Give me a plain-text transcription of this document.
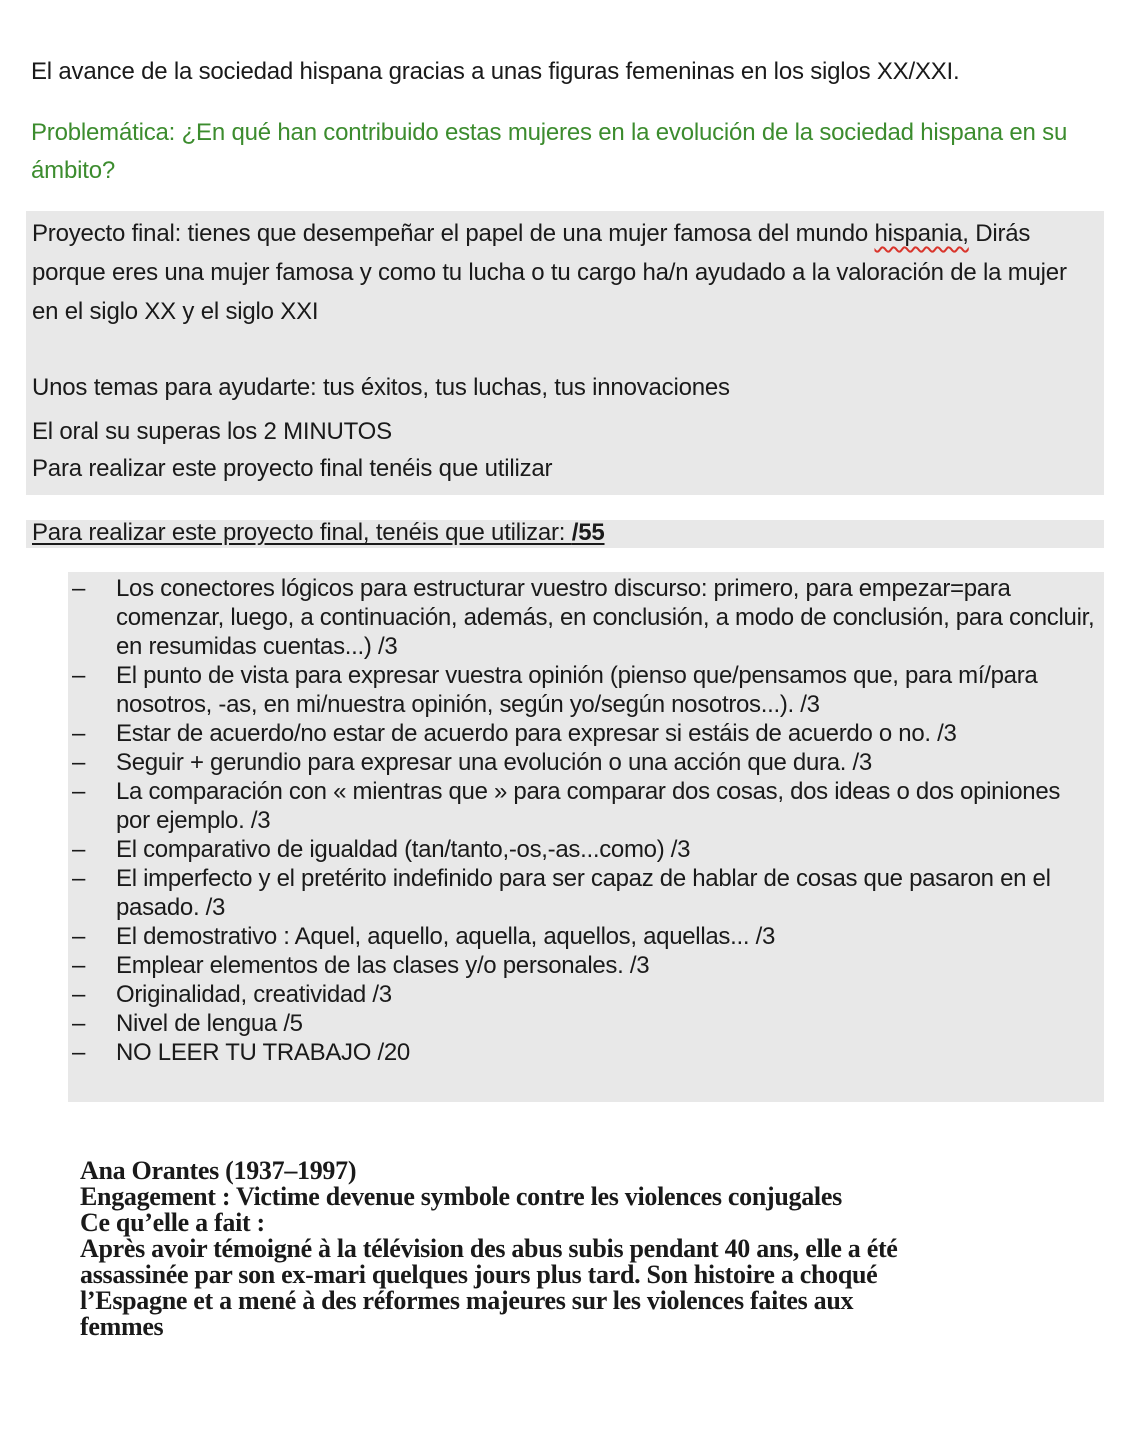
El avance de la sociedad hispana gracias a unas figuras femeninas en los siglos XX/XXI.
Problemática: ¿En qué han contribuido estas mujeres en la evolución de la sociedad hispana en su ámbito?
Proyecto final: tienes que desempeñar el papel de una mujer famosa del mundo hispania, Dirás porque eres una mujer famosa y como tu lucha o tu cargo ha/n ayudado a la valoración de la mujer en el siglo XX y el siglo XXI
Unos temas para ayudarte: tus éxitos, tus luchas, tus innovaciones
El oral su superas los 2 MINUTOS
Para realizar este proyecto final tenéis que utilizar
Para realizar este proyecto final, tenéis que utilizar: /55
– Los conectores lógicos para estructurar vuestro discurso: primero, para empezar=para comenzar, luego, a continuación, además, en conclusión, a modo de conclusión, para concluir, en resumidas cuentas...) /3
– El punto de vista para expresar vuestra opinión (pienso que/pensamos que, para mí/para nosotros, -as, en mi/nuestra opinión, según yo/según nosotros...). /3
– Estar de acuerdo/no estar de acuerdo para expresar si estáis de acuerdo o no. /3
– Seguir + gerundio para expresar una evolución o una acción que dura. /3
– La comparación con « mientras que » para comparar dos cosas, dos ideas o dos opiniones por ejemplo. /3
– El comparativo de igualdad (tan/tanto,-os,-as...como) /3
– El imperfecto y el pretérito indefinido para ser capaz de hablar de cosas que pasaron en el pasado. /3
– El demostrativo : Aquel, aquello, aquella, aquellos, aquellas... /3
– Emplear elementos de las clases y/o personales. /3
– Originalidad, creatividad /3
– Nivel de lengua /5
– NO LEER TU TRABAJO /20
Ana Orantes (1937–1997)
Engagement : Victime devenue symbole contre les violences conjugales
Ce qu’elle a fait :
Après avoir témoigné à la télévision des abus subis pendant 40 ans, elle a été assassinée par son ex-mari quelques jours plus tard. Son histoire a choqué l’Espagne et a mené à des réformes majeures sur les violences faites aux femmes
